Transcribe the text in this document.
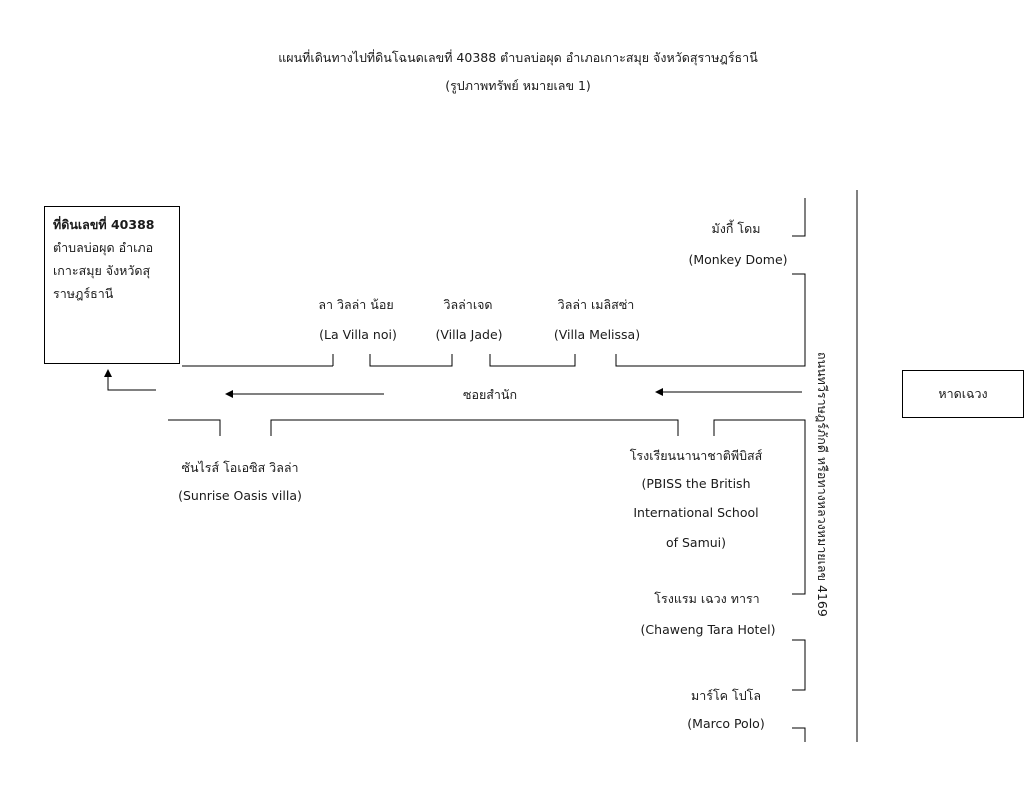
แผนที่เดินทางไปที่ดินโฉนดเลขที่ 40388 ตำบลบ่อผุด อำเภอเกาะสมุย จังหวัดสุราษฎร์ธานี
(รูปภาพทรัพย์ หมายเลข 1)
ที่ดินเลขที่ 40388
ตำบลบ่อผุด อำเภอ
เกาะสมุย จังหวัดสุ
ราษฎร์ธานี
หาดเฉวง
ถนนทวีราษฎร์ภักดี หรือทางหลวงหมายเลข 4169
ซอยสำนัก
มังกี้ โดม
(Monkey Dome)
ลา วิลล่า น้อย
(La Villa noi)
วิลล่าเจด
(Villa Jade)
วิลล่า เมลิสซ่า
(Villa Melissa)
ซันไรส์ โอเอซิส วิลล่า
(Sunrise Oasis villa)
โรงเรียนนานาชาติพีบิสส์
(PBISS the British
International School
of Samui)
โรงแรม เฉวง ทารา
(Chaweng Tara Hotel)
มาร์โค โปโล
(Marco Polo)
